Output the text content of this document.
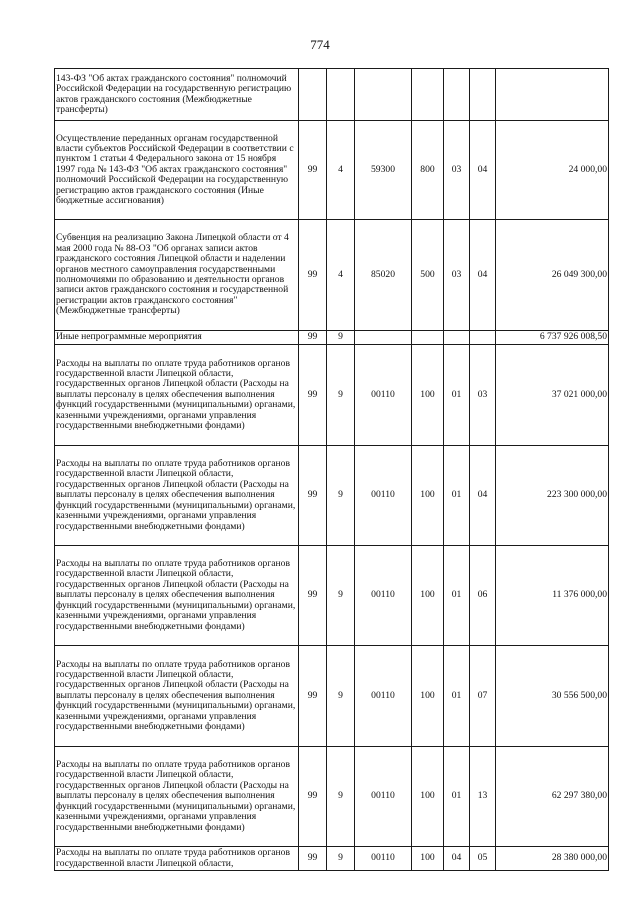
774
143-ФЗ "Об актах гражданского состояния" полномочий Российской Федерации на государственную регистрацию актов гражданского состояния (Межбюджетные трансферты)							
Осуществление переданных органам государственной власти субъектов Российской Федерации в соответствии с пунктом 1 статьи 4 Федерального закона от 15 ноября 1997 года № 143-ФЗ "Об актах гражданского состояния" полномочий Российской Федерации на государственную регистрацию актов гражданского состояния (Иные бюджетные ассигнования)	99	4	59300	800	03	04	24 000,00
Субвенция на реализацию Закона Липецкой области от 4 мая 2000 года № 88-ОЗ "Об органах записи актов гражданского состояния Липецкой области и наделении органов местного самоуправления государственными полномочиями по образованию и деятельности органов записи актов гражданского состояния и государственной регистрации актов гражданского состояния" (Межбюджетные трансферты)	99	4	85020	500	03	04	26 049 300,00
Иные непрограммные мероприятия	99	9					6 737 926 008,50
Расходы на выплаты по оплате труда работников органов государственной власти Липецкой области, государственных органов Липецкой области (Расходы на выплаты персоналу в целях обеспечения выполнения функций государственными (муниципальными) органами, казенными учреждениями, органами управления государственными внебюджетными фондами)	99	9	00110	100	01	03	37 021 000,00
Расходы на выплаты по оплате труда работников органов государственной власти Липецкой области, государственных органов Липецкой области (Расходы на выплаты персоналу в целях обеспечения выполнения функций государственными (муниципальными) органами, казенными учреждениями, органами управления государственными внебюджетными фондами)	99	9	00110	100	01	04	223 300 000,00
Расходы на выплаты по оплате труда работников органов государственной власти Липецкой области, государственных органов Липецкой области (Расходы на выплаты персоналу в целях обеспечения выполнения функций государственными (муниципальными) органами, казенными учреждениями, органами управления государственными внебюджетными фондами)	99	9	00110	100	01	06	11 376 000,00
Расходы на выплаты по оплате труда работников органов государственной власти Липецкой области, государственных органов Липецкой области (Расходы на выплаты персоналу в целях обеспечения выполнения функций государственными (муниципальными) органами, казенными учреждениями, органами управления государственными внебюджетными фондами)	99	9	00110	100	01	07	30 556 500,00
Расходы на выплаты по оплате труда работников органов государственной власти Липецкой области, государственных органов Липецкой области (Расходы на выплаты персоналу в целях обеспечения выполнения функций государственными (муниципальными) органами, казенными учреждениями, органами управления государственными внебюджетными фондами)	99	9	00110	100	01	13	62 297 380,00
Расходы на выплаты по оплате труда работников органов государственной власти Липецкой области,	99	9	00110	100	04	05	28 380 000,00
